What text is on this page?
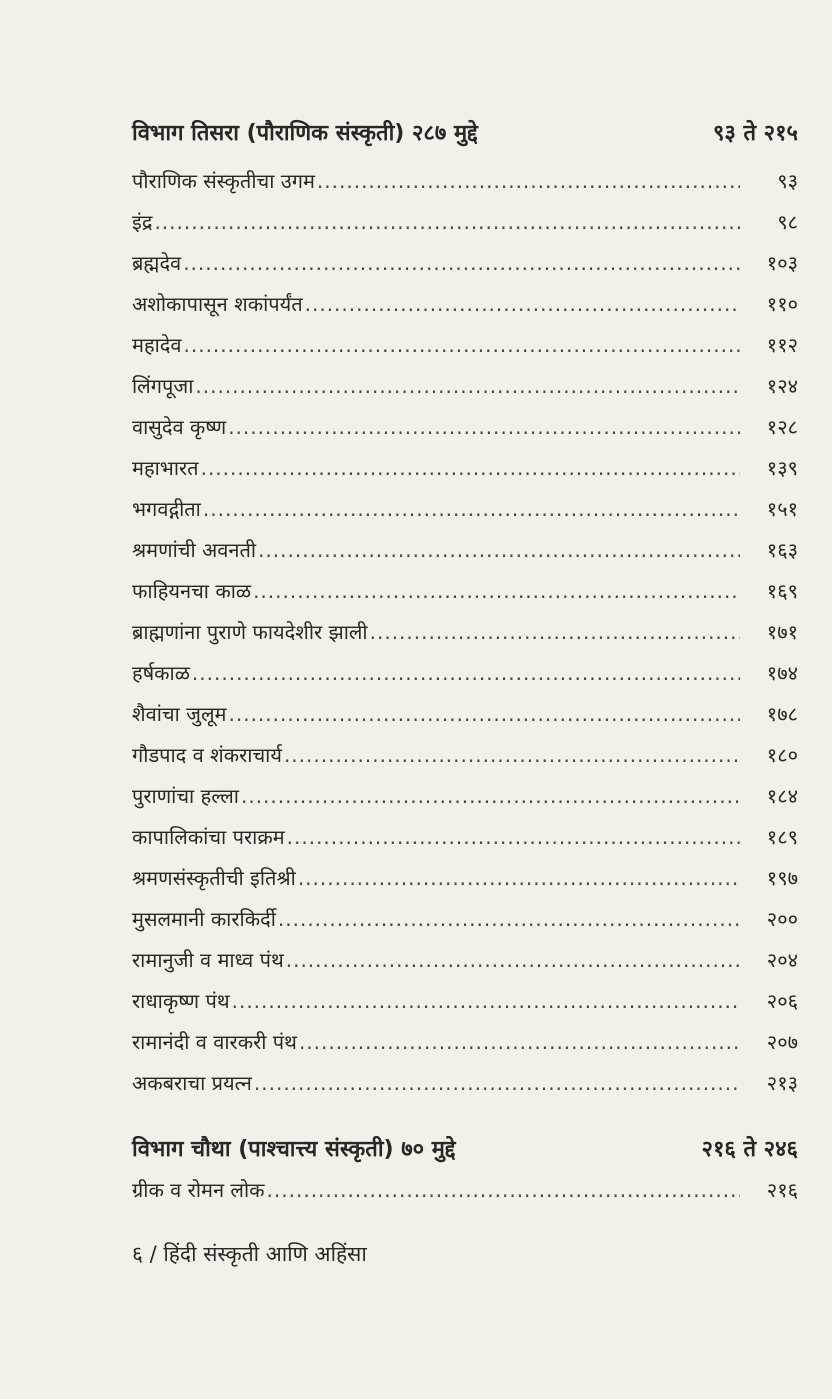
विभाग तिसरा (पौराणिक संस्कृती) २८७ मुद्दे	९३ ते २१५
पौराणिक संस्कृतीचा उगम .....	९३
इंद्र .....	९८
ब्रह्मदेव .....	१०३
अशोकापासून शकांपर्यंत .....	११०
महादेव .....	११२
लिंगपूजा .....	१२४
वासुदेव कृष्ण .....	१२८
महाभारत .....	१३९
भगवद्गीता .....	१५१
श्रमणांची अवनती .....	१६३
फाहियनचा काळ .....	१६९
ब्राह्मणांना पुराणे फायदेशीर झाली .....	१७१
हर्षकाळ .....	१७४
शैवांचा जुलूम .....	१७८
गौडपाद व शंकराचार्य .....	१८०
पुराणांचा हल्ला .....	१८४
कापालिकांचा पराक्रम .....	१८९
श्रमणसंस्कृतीची इतिश्री .....	१९७
मुसलमानी कारकिर्दी .....	२००
रामानुजी व माध्व पंथ .....	२०४
राधाकृष्ण पंथ .....	२०६
रामानंदी व वारकरी पंथ .....	२०७
अकबराचा प्रयत्न .....	२१३
विभाग चौथा (पाश्चात्त्य संस्कृती) ७० मुद्दे	२१६ ते २४६
ग्रीक व रोमन लोक .....	२१६
६ / हिंदी संस्कृती आणि अहिंसा
